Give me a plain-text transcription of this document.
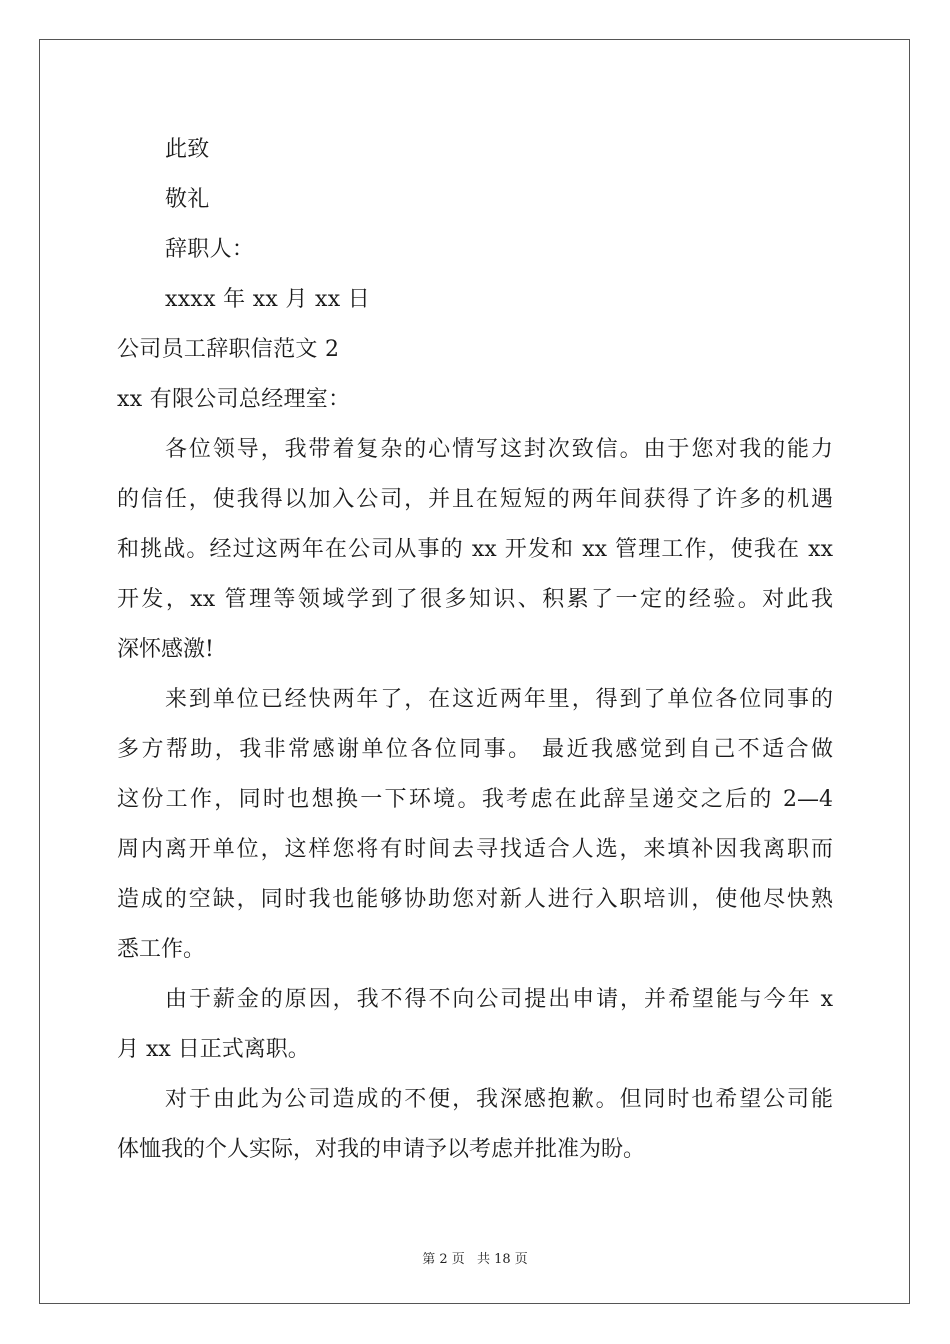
此致
敬礼
辞职人：
xxxx 年 xx 月 xx 日
公司员工辞职信范文 2
xx 有限公司总经理室：
各位领导，我带着复杂的心情写这封次致信。由于您对我的能力
的信任，使我得以加入公司，并且在短短的两年间获得了许多的机遇
和挑战。经过这两年在公司从事的 xx 开发和 xx 管理工作，使我在 xx
开发，xx 管理等领域学到了很多知识、积累了一定的经验。对此我
深怀感激!
来到单位已经快两年了，在这近两年里，得到了单位各位同事的
多方帮助，我非常感谢单位各位同事。 最近我感觉到自己不适合做
这份工作，同时也想换一下环境。我考虑在此辞呈递交之后的 2—4
周内离开单位，这样您将有时间去寻找适合人选，来填补因我离职而
造成的空缺，同时我也能够协助您对新人进行入职培训，使他尽快熟
悉工作。
由于薪金的原因，我不得不向公司提出申请，并希望能与今年 x
月 xx 日正式离职。
对于由此为公司造成的不便，我深感抱歉。但同时也希望公司能
体恤我的个人实际，对我的申请予以考虑并批准为盼。
第 2 页 共 18 页
